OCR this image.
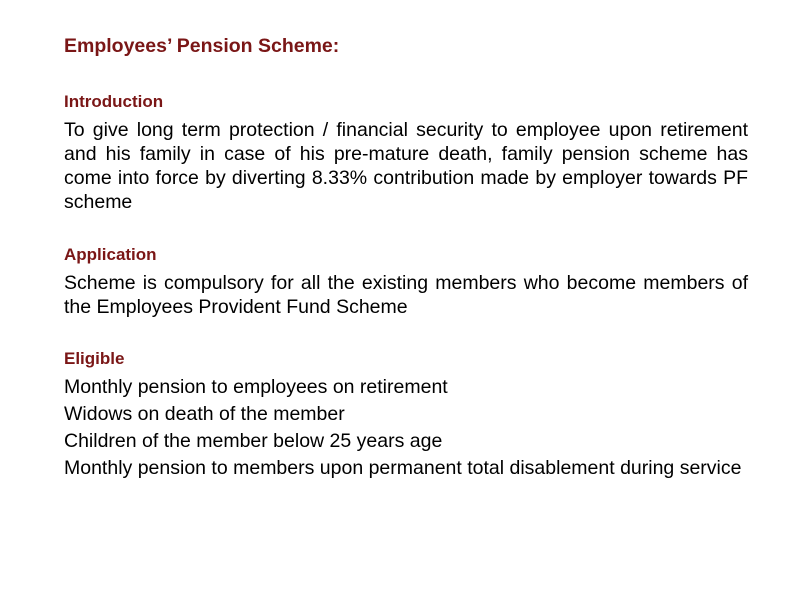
Employees’ Pension Scheme:
Introduction

To give long term protection / financial security to employee upon retirement and his family in case of his pre-mature death, family pension scheme has come into force by diverting 8.33% contribution made by employer towards PF scheme

Application

Scheme is compulsory for all the existing members who become members of the Employees Provident Fund Scheme

Eligible
Monthly pension to employees on retirement
Widows on death of the member
Children of the member below 25 years age
Monthly pension to members upon permanent total disablement during service
